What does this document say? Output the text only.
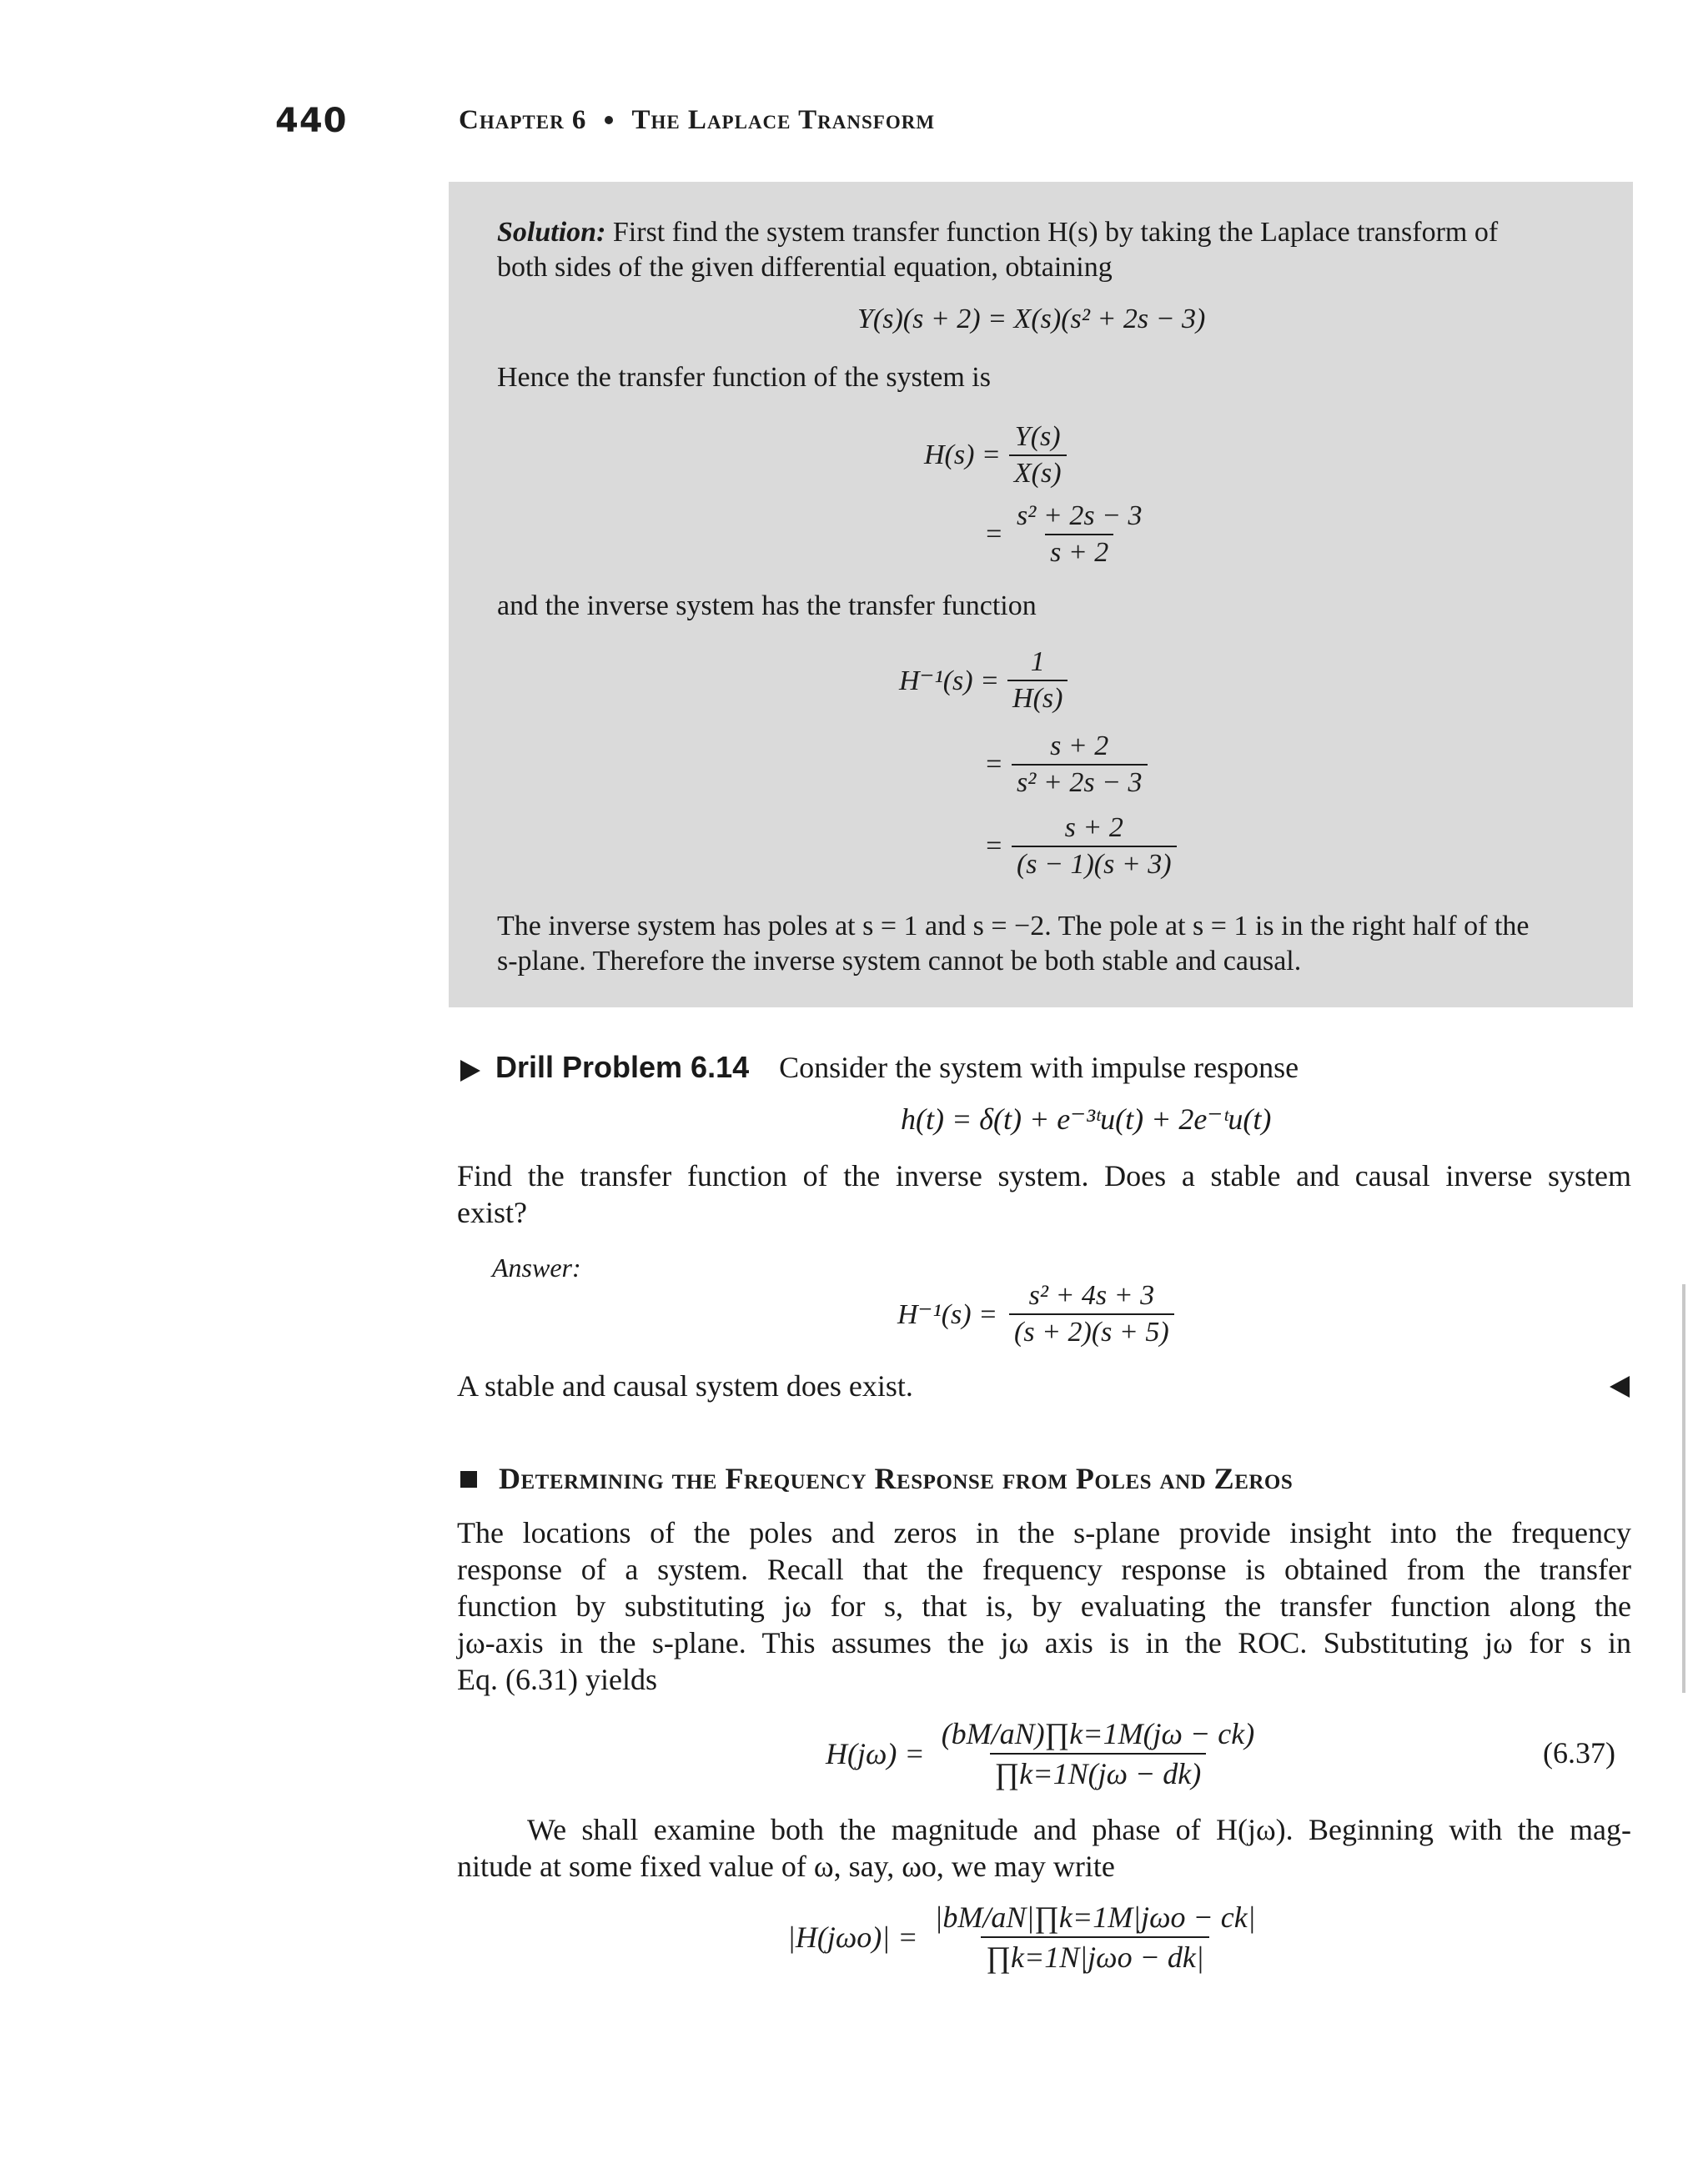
440	Chapter 6 The Laplace Transform
Solution: First find the system transfer function H(s) by taking the Laplace transform of
both sides of the given differential equation, obtaining
Y(s)(s + 2) = X(s)(s² + 2s − 3)
Hence the transfer function of the system is
$H(s) = \frac{Y(s)}{X(s)}$
= $\frac{\text{s² + 2s − 3}}{s + 2}$
and the inverse system has the transfer function
$H^{-1}(s) = \frac{1}{H(s)}$
= $\frac{s + 2}{\text{s² + 2s − 3}}$
= $\frac{s + 2}{(s - 1)(s + 3)}$
The inverse system has poles at s = 1 and s = −2. The pole at s = 1 is in the right half of the
s-plane. Therefore the inverse system cannot be both stable and causal.
Drill Problem 6.14 Consider the system with impulse response
h(t) = δ(t) + e⁻³ᵗu(t) + 2e⁻ᵗu(t)
Find the transfer function of the inverse system. Does a stable and causal inverse system
exist?
Answer:
$H^{-1}(s) = \frac{\text{s² + 4s + 3}}{(s + 2)(s + 5)}$
A stable and causal system does exist.
Determining the Frequency Response from Poles and Zeros
The locations of the poles and zeros in the s-plane provide insight into the frequency
response of a system. Recall that the frequency response is obtained from the transfer
function by substituting jω for s, that is, by evaluating the transfer function along the
jω-axis in the s-plane. This assumes the jω axis is in the ROC. Substituting jω for s in
Eq. (6.31) yields
$H(j\omega) = \frac{(bM/aN)\prod k=1M(j\omega - ck)}{\prod k=1N(j\omega - dk)}$	(6.37)
We shall examine both the magnitude and phase of H(jω). Beginning with the mag-
nitude at some fixed value of ω, say, ωo, we may write
$|H(j\omega o)| = \frac{\text{|bM/aN|∏k=1M|jωo − ck|}}{\text{∏k=1N|jωo − dk|}}$
